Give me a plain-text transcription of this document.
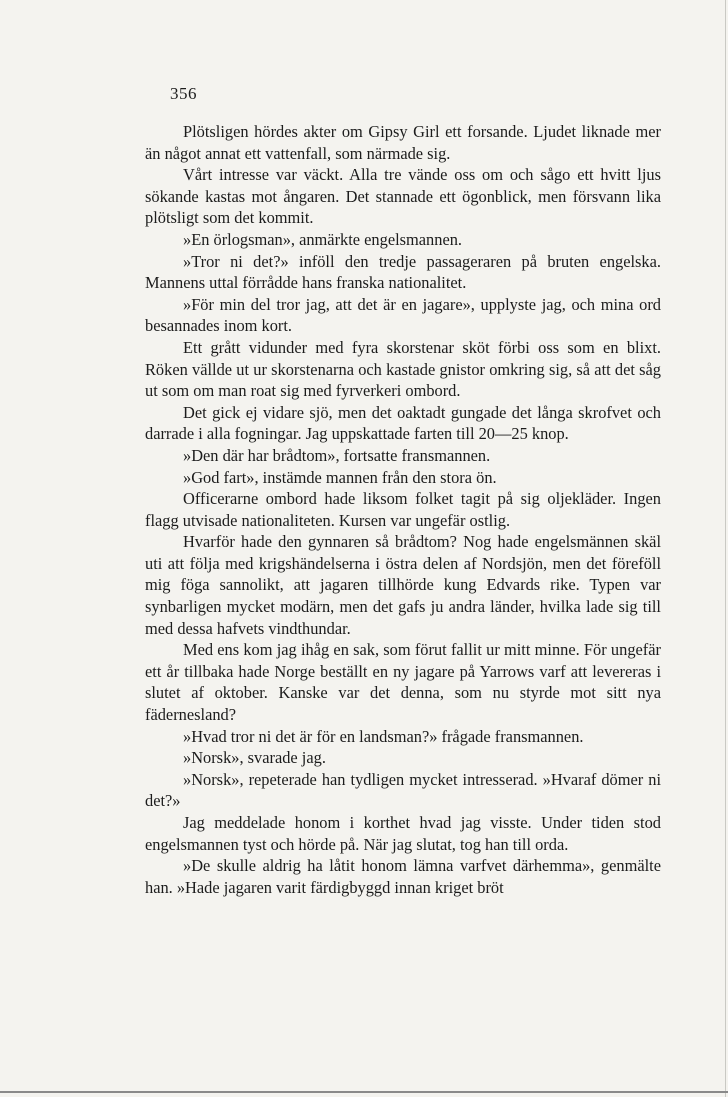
356

Plötsligen hördes akter om Gipsy Girl ett forsande. Ljudet liknade mer än något annat ett vattenfall, som närmade sig.

Vårt intresse var väckt. Alla tre vände oss om och sågo ett hvitt ljus sökande kastas mot ångaren. Det stannade ett ögonblick, men försvann lika plötsligt som det kommit.

»En örlogsman», anmärkte engelsmannen.

»Tror ni det?» inföll den tredje passageraren på bruten engelska. Mannens uttal förrådde hans franska nationalitet.

»För min del tror jag, att det är en jagare», upplyste jag, och mina ord besannades inom kort.

Ett grått vidunder med fyra skorstenar sköt förbi oss som en blixt. Röken vällde ut ur skorstenarna och kastade gnistor omkring sig, så att det såg ut som om man roat sig med fyrverkeri ombord.

Det gick ej vidare sjö, men det oaktadt gungade det långa skrofvet och darrade i alla fogningar. Jag uppskattade farten till 20—25 knop.

»Den där har brådtom», fortsatte fransmannen.

»God fart», instämde mannen från den stora ön.

Officerarne ombord hade liksom folket tagit på sig oljekläder. Ingen flagg utvisade nationaliteten. Kursen var ungefär ostlig.

Hvarför hade den gynnaren så brådtom? Nog hade engelsmännen skäl uti att följa med krigshändelserna i östra delen af Nordsjön, men det föreföll mig föga sannolikt, att jagaren tillhörde kung Edvards rike. Typen var synbarligen mycket modärn, men det gafs ju andra länder, hvilka lade sig till med dessa hafvets vindthundar.

Med ens kom jag ihåg en sak, som förut fallit ur mitt minne. För ungefär ett år tillbaka hade Norge beställt en ny jagare på Yarrows varf att levereras i slutet af oktober. Kanske var det denna, som nu styrde mot sitt nya fädernesland?

»Hvad tror ni det är för en landsman?» frågade fransmannen.

»Norsk», svarade jag.

»Norsk», repeterade han tydligen mycket intresserad. »Hvaraf dömer ni det?»

Jag meddelade honom i korthet hvad jag visste. Under tiden stod engelsmannen tyst och hörde på. När jag slutat, tog han till orda.

»De skulle aldrig ha låtit honom lämna varfvet därhemma», genmälte han. »Hade jagaren varit färdigbyggd innan kriget bröt
